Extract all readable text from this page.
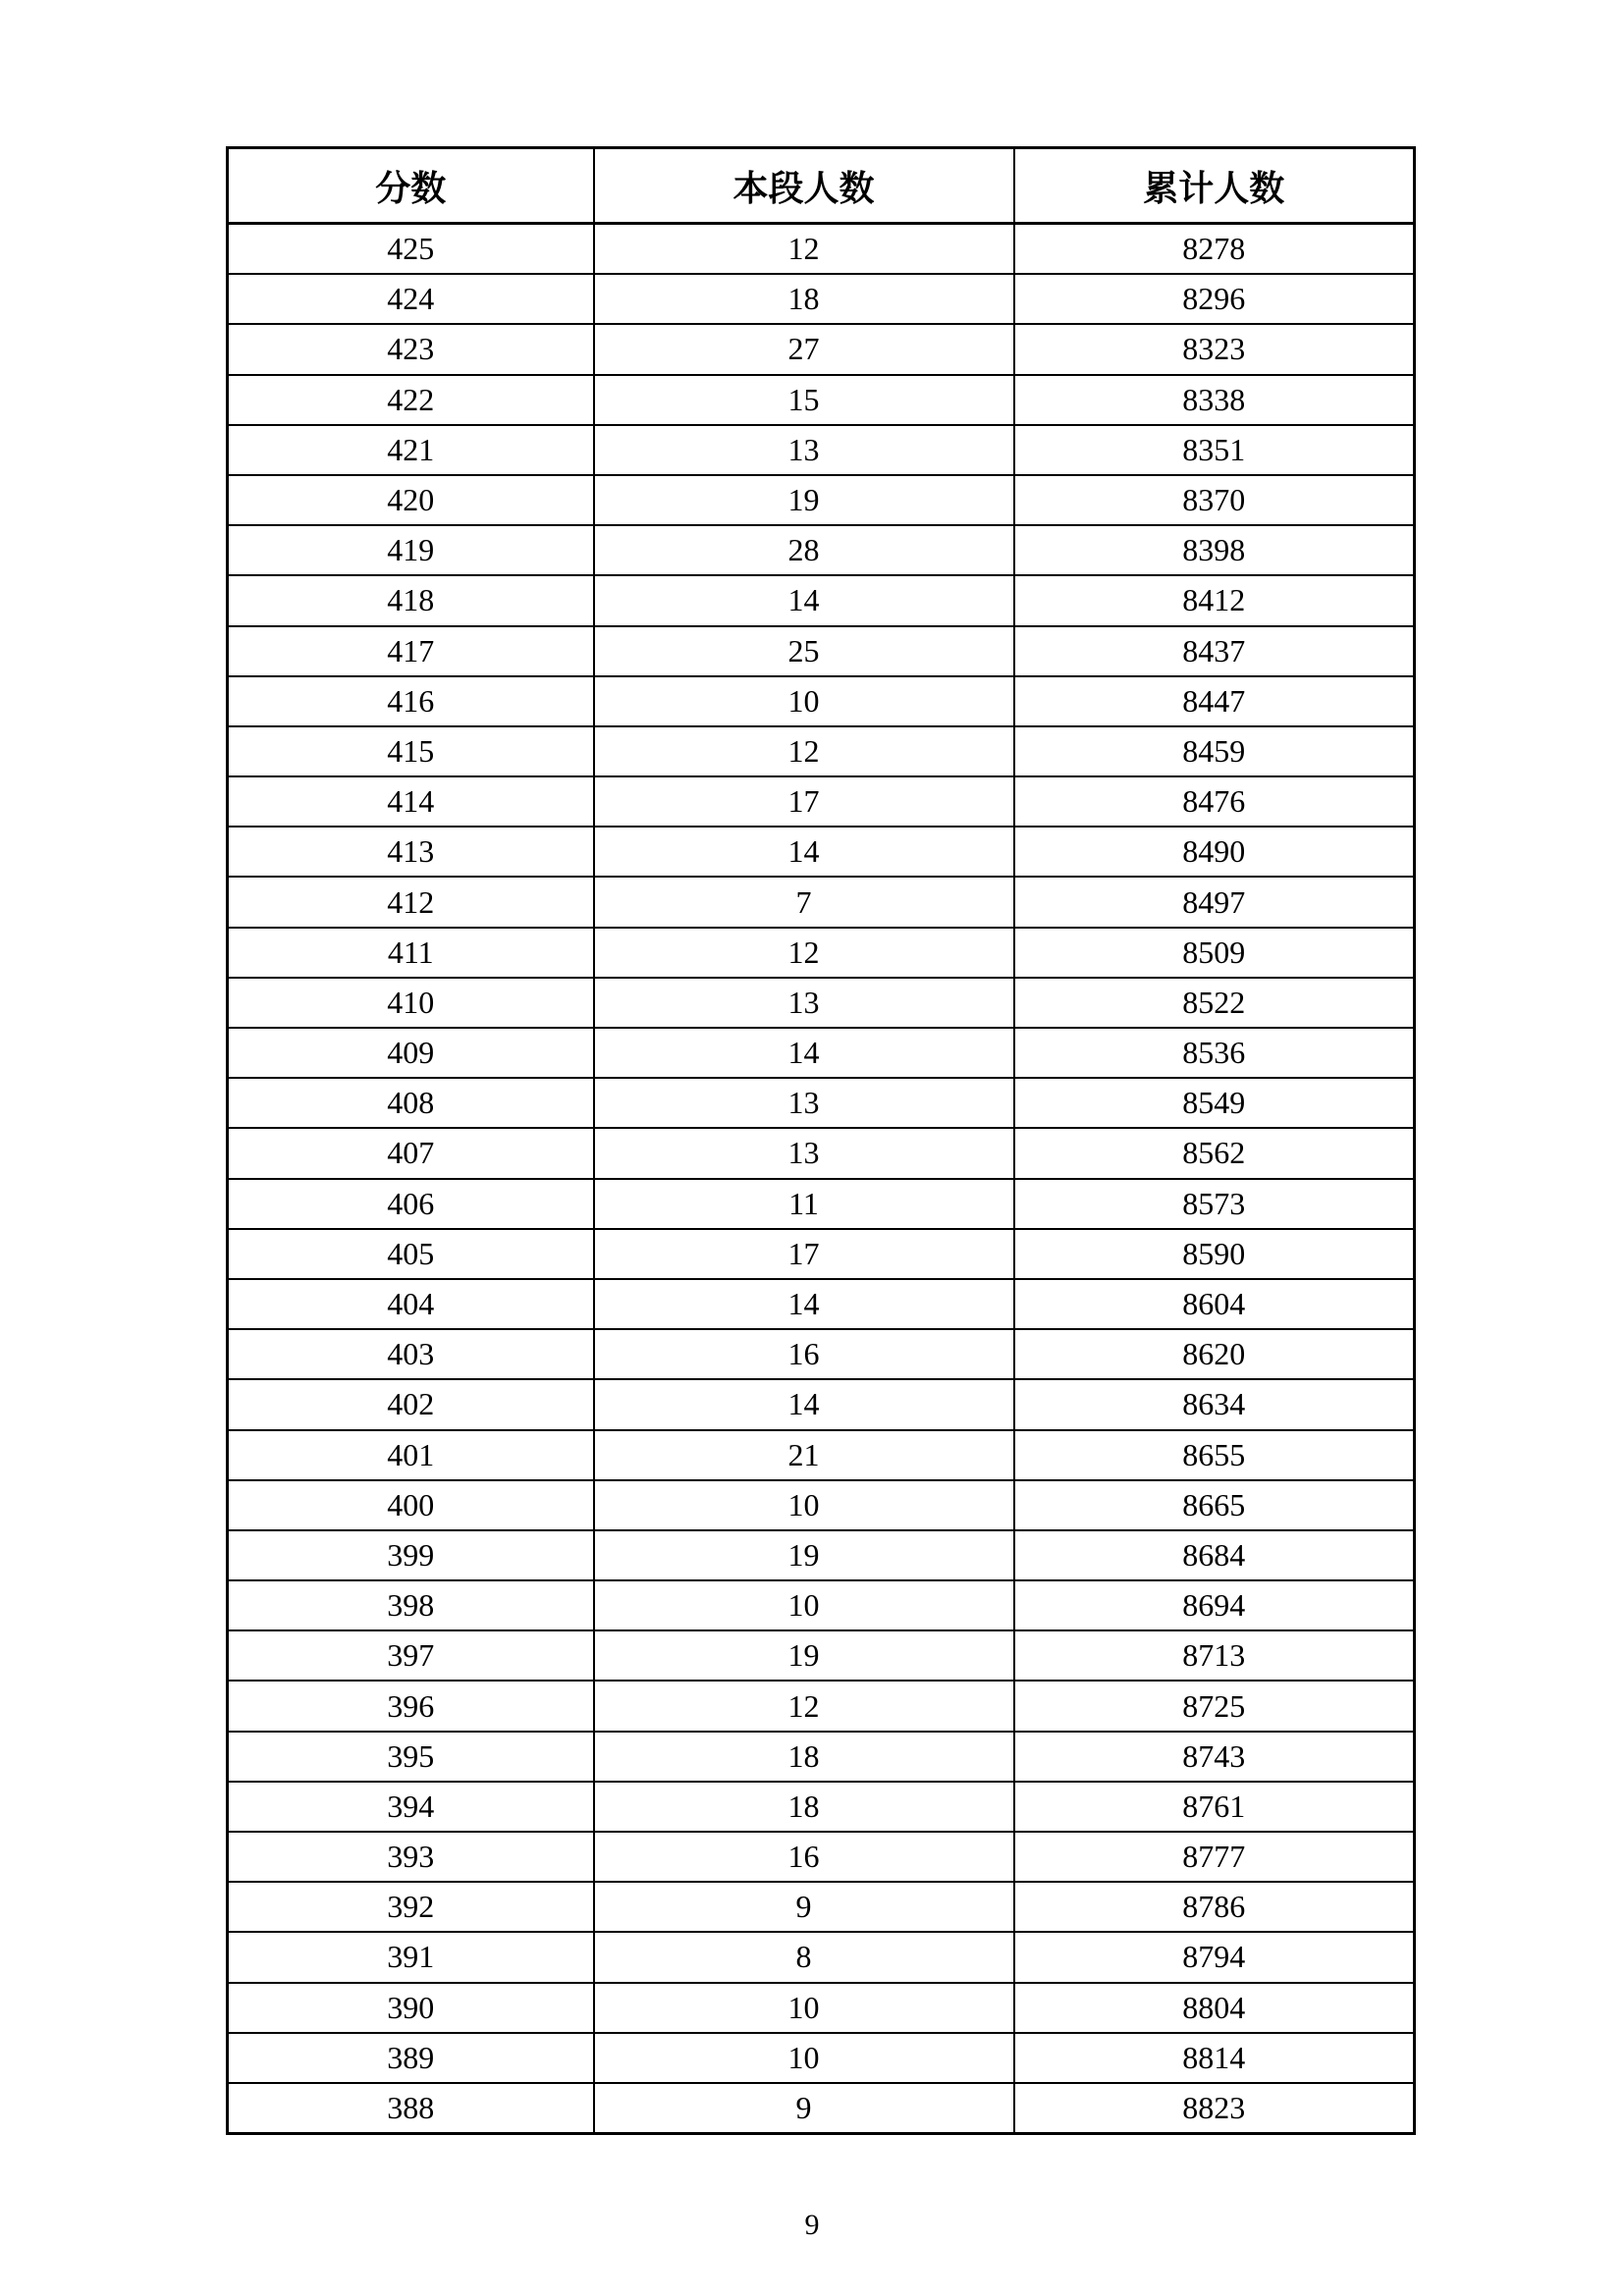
分数	本段人数	累计人数
425	12	8278
424	18	8296
423	27	8323
422	15	8338
421	13	8351
420	19	8370
419	28	8398
418	14	8412
417	25	8437
416	10	8447
415	12	8459
414	17	8476
413	14	8490
412	7	8497
411	12	8509
410	13	8522
409	14	8536
408	13	8549
407	13	8562
406	11	8573
405	17	8590
404	14	8604
403	16	8620
402	14	8634
401	21	8655
400	10	8665
399	19	8684
398	10	8694
397	19	8713
396	12	8725
395	18	8743
394	18	8761
393	16	8777
392	9	8786
391	8	8794
390	10	8804
389	10	8814
388	9	8823
9
